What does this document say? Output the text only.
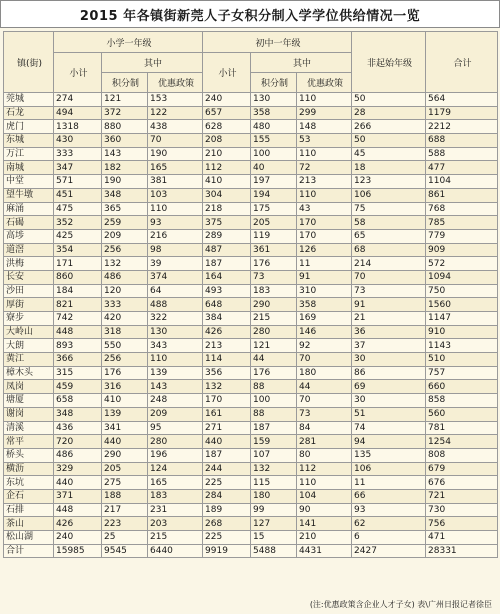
2015 年各镇街新莞人子女积分制入学学位供给情况一览
镇(街)	小学一年级			初中一年级			非起始年级	合计
	小计	其中		小计	其中			
		积分制	优惠政策		积分制	优惠政策		
莞城	274	121	153	240	130	110	50	564
石龙	494	372	122	657	358	299	28	1179
虎门	1318	880	438	628	480	148	266	2212
东城	430	360	70	208	155	53	50	688
万江	333	143	190	210	100	110	45	588
南城	347	182	165	112	40	72	18	477
中堂	571	190	381	410	197	213	123	1104
望牛墩	451	348	103	304	194	110	106	861
麻涌	475	365	110	218	175	43	75	768
石碣	352	259	93	375	205	170	58	785
高埗	425	209	216	289	119	170	65	779
道滘	354	256	98	487	361	126	68	909
洪梅	171	132	39	187	176	11	214	572
长安	860	486	374	164	73	91	70	1094
沙田	184	120	64	493	183	310	73	750
厚街	821	333	488	648	290	358	91	1560
寮步	742	420	322	384	215	169	21	1147
大岭山	448	318	130	426	280	146	36	910
大朗	893	550	343	213	121	92	37	1143
黄江	366	256	110	114	44	70	30	510
樟木头	315	176	139	356	176	180	86	757
凤岗	459	316	143	132	88	44	69	660
塘厦	658	410	248	170	100	70	30	858
谢岗	348	139	209	161	88	73	51	560
清溪	436	341	95	271	187	84	74	781
常平	720	440	280	440	159	281	94	1254
桥头	486	290	196	187	107	80	135	808
横沥	329	205	124	244	132	112	106	679
东坑	440	275	165	225	115	110	11	676
企石	371	188	183	284	180	104	66	721
石排	448	217	231	189	99	90	93	730
茶山	426	223	203	268	127	141	62	756
松山湖	240	25	215	225	15	210	6	471
合计	15985	9545	6440	9919	5488	4431	2427	28331
(注:优惠政策含企业人才子女) 表\广州日报记者徐臣
